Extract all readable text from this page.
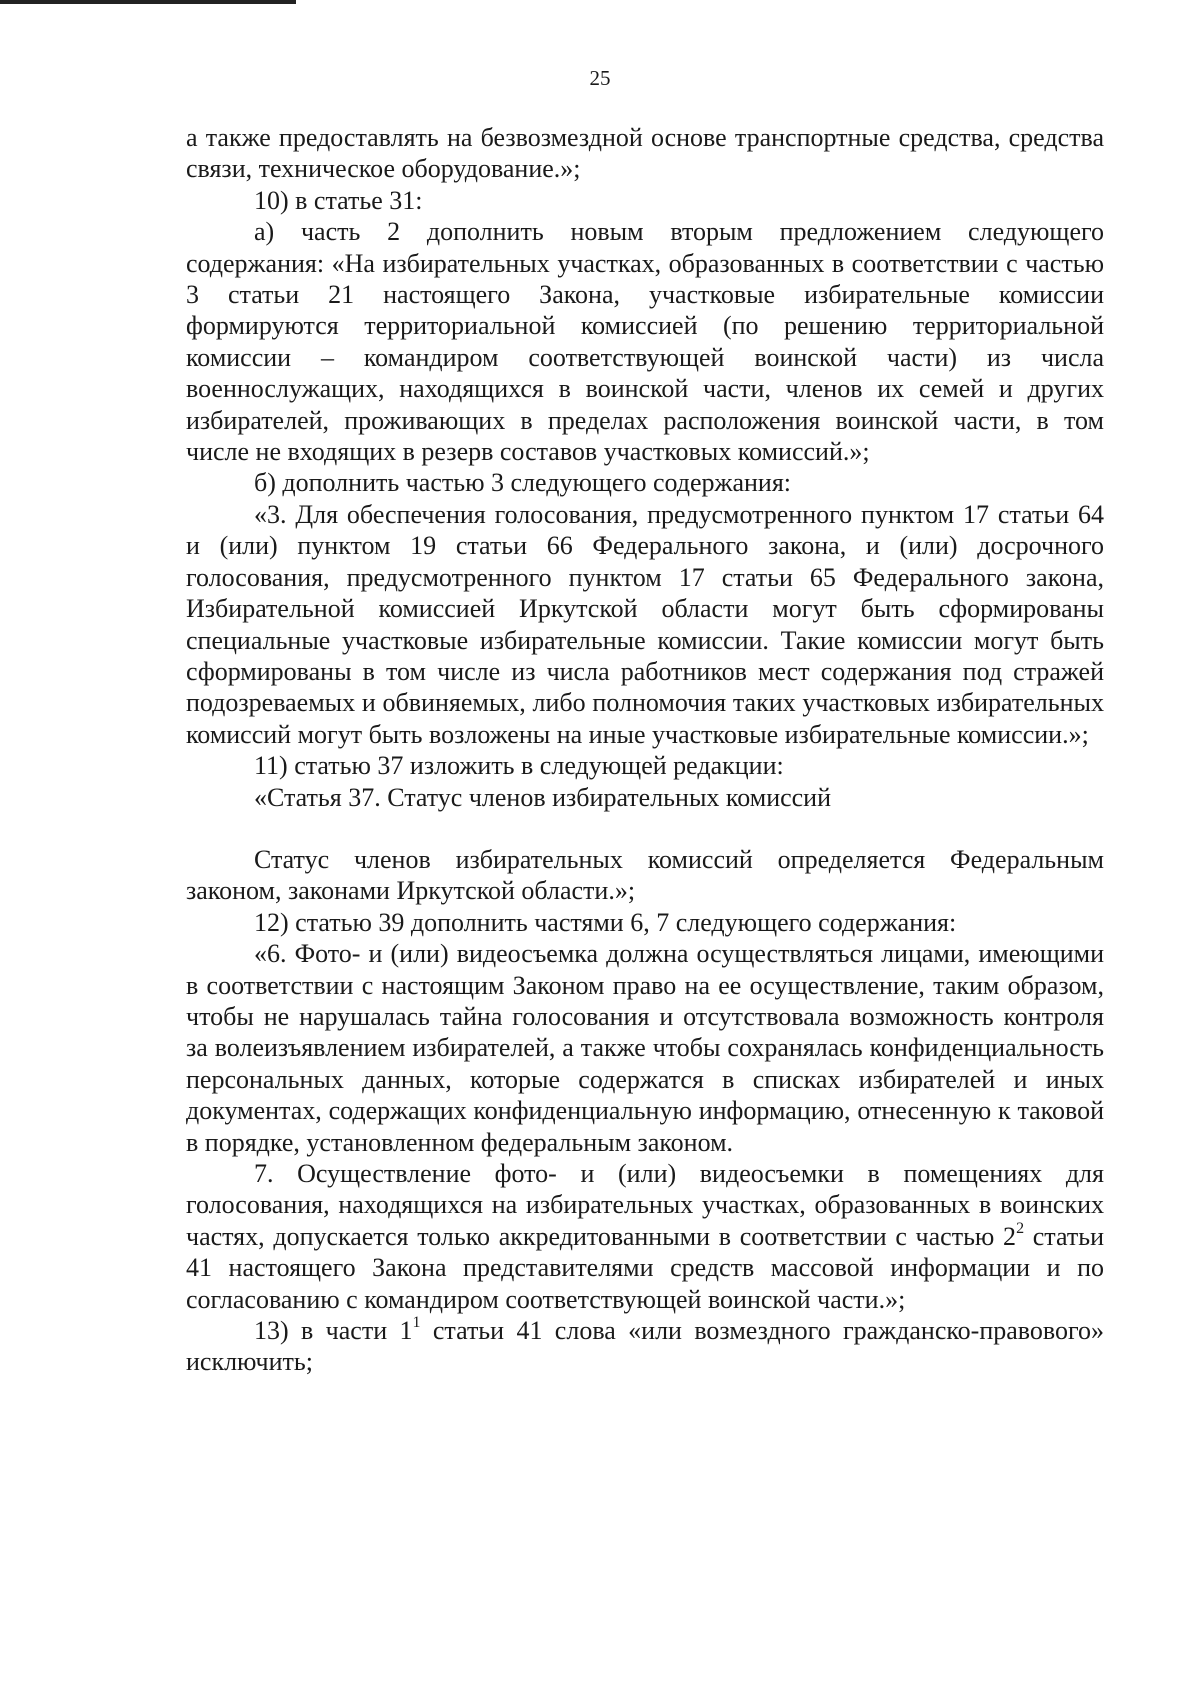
25

а также предоставлять на безвозмездной основе транспортные средства, средства связи, техническое оборудование.»;

10) в статье 31:

а) часть 2 дополнить новым вторым предложением следующего содержания: «На избирательных участках, образованных в соответствии с частью 3 статьи 21 настоящего Закона, участковые избирательные комиссии формируются территориальной комиссией (по решению территориальной комиссии – командиром соответствующей воинской части) из числа военнослужащих, находящихся в воинской части, членов их семей и других избирателей, проживающих в пределах расположения воинской части, в том числе не входящих в резерв составов участковых комиссий.»;

б) дополнить частью 3 следующего содержания:

«3. Для обеспечения голосования, предусмотренного пунктом 17 статьи 64 и (или) пунктом 19 статьи 66 Федерального закона, и (или) досрочного голосования, предусмотренного пунктом 17 статьи 65 Федерального закона, Избирательной комиссией Иркутской области могут быть сформированы специальные участковые избирательные комиссии. Такие комиссии могут быть сформированы в том числе из числа работников мест содержания под стражей подозреваемых и обвиняемых, либо полномочия таких участковых избирательных комиссий могут быть возложены на иные участковые избирательные комиссии.»;

11) статью 37 изложить в следующей редакции:

«Статья 37. Статус членов избирательных комиссий

Статус членов избирательных комиссий определяется Федеральным законом, законами Иркутской области.»;

12) статью 39 дополнить частями 6, 7 следующего содержания:

«6. Фото- и (или) видеосъемка должна осуществляться лицами, имеющими в соответствии с настоящим Законом право на ее осуществление, таким образом, чтобы не нарушалась тайна голосования и отсутствовала возможность контроля за волеизъявлением избирателей, а также чтобы сохранялась конфиденциальность персональных данных, которые содержатся в списках избирателей и иных документах, содержащих конфиденциальную информацию, отнесенную к таковой в порядке, установленном федеральным законом.

7. Осуществление фото- и (или) видеосъемки в помещениях для голосования, находящихся на избирательных участках, образованных в воинских частях, допускается только аккредитованными в соответствии с частью $2^2$ статьи 41 настоящего Закона представителями средств массовой информации и по согласованию с командиром соответствующей воинской части.»;

13) в части $1^1$ статьи 41 слова «или возмездного гражданско-правового» исключить;
